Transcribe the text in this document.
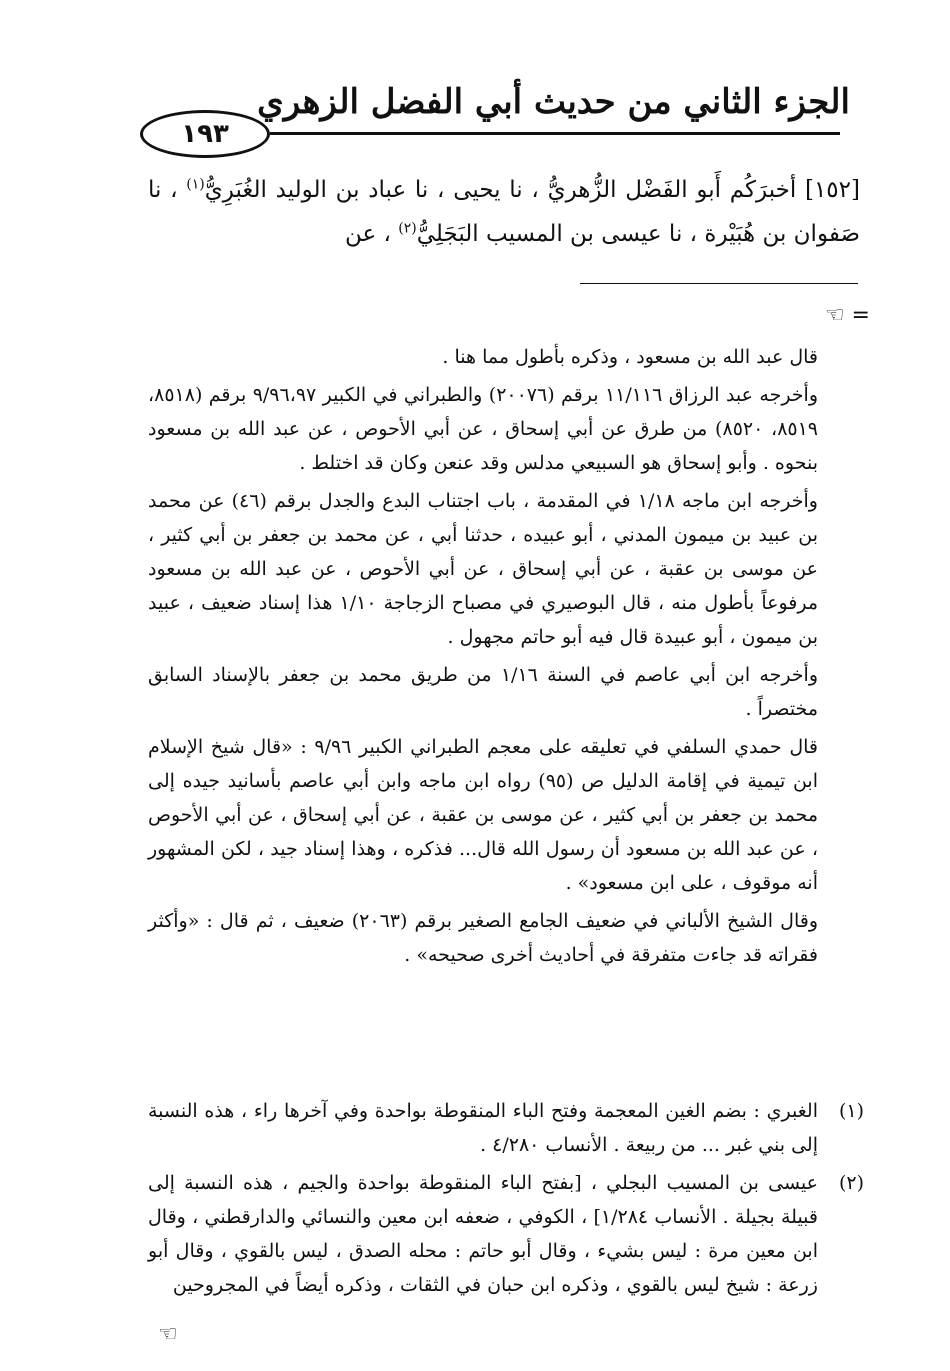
الجزء الثاني من حديث أبي الفضل الزهري
١٩٣

[١٥٢] أخبرَكُم أَبو الفَضْل الزُّهريُّ ، نا يحيى ، نا عباد بن الوليد الغُبَرِيُّ$^{(١)}$ ، نا صَفوان بن هُبَيْرة ، نا عيسى بن المسيب البَجَلِيُّ$^{(٢)}$ ، عن

= ☜

قال عبد الله بن مسعود ، وذكره بأطول مما هنا .

وأخرجه عبد الرزاق ١١/١١٦ برقم (٢٠٠٧٦) والطبراني في الكبير ٩/٩٦،٩٧ برقم (٨٥١٨، ٨٥١٩، ٨٥٢٠) من طرق عن أبي إسحاق ، عن أبي الأحوص ، عن عبد الله بن مسعود بنحوه . وأبو إسحاق هو السبيعي مدلس وقد عنعن وكان قد اختلط .

وأخرجه ابن ماجه ١/١٨ في المقدمة ، باب اجتناب البدع والجدل برقم (٤٦) عن محمد بن عبيد بن ميمون المدني ، أبو عبيده ، حدثنا أبي ، عن محمد بن جعفر بن أبي كثير ، عن موسى بن عقبة ، عن أبي إسحاق ، عن أبي الأحوص ، عن عبد الله بن مسعود مرفوعاً بأطول منه ، قال البوصيري في مصباح الزجاجة ١/١٠ هذا إسناد ضعيف ، عبيد بن ميمون ، أبو عبيدة قال فيه أبو حاتم مجهول .

وأخرجه ابن أبي عاصم في السنة ١/١٦ من طريق محمد بن جعفر بالإسناد السابق مختصراً .

قال حمدي السلفي في تعليقه على معجم الطبراني الكبير ٩/٩٦ : «قال شيخ الإسلام ابن تيمية في إقامة الدليل ص (٩٥) رواه ابن ماجه وابن أبي عاصم بأسانيد جيده إلى محمد بن جعفر بن أبي كثير ، عن موسى بن عقبة ، عن أبي إسحاق ، عن أبي الأحوص ، عن عبد الله بن مسعود أن رسول الله قال... فذكره ، وهذا إسناد جيد ، لكن المشهور أنه موقوف ، على ابن مسعود» .

وقال الشيخ الألباني في ضعيف الجامع الصغير برقم (٢٠٦٣) ضعيف ، ثم قال : «وأكثر فقراته قد جاءت متفرقة في أحاديث أخرى صحيحه» .

(١)
الغبري : بضم الغين المعجمة وفتح الباء المنقوطة بواحدة وفي آخرها راء ، هذه النسبة إلى بني غبر ... من ربيعة . الأنساب ٤/٢٨٠ .
(٢)
عيسى بن المسيب البجلي ، [بفتح الباء المنقوطة بواحدة والجيم ، هذه النسبة إلى قبيلة بجيلة . الأنساب ١/٢٨٤] ، الكوفي ، ضعفه ابن معين والنسائي والدارقطني ، وقال ابن معين مرة : ليس بشيء ، وقال أبو حاتم : محله الصدق ، ليس بالقوي ، وقال أبو زرعة : شيخ ليس بالقوي ، وذكره ابن حبان في الثقات ، وذكره أيضاً في المجروحين
☜
